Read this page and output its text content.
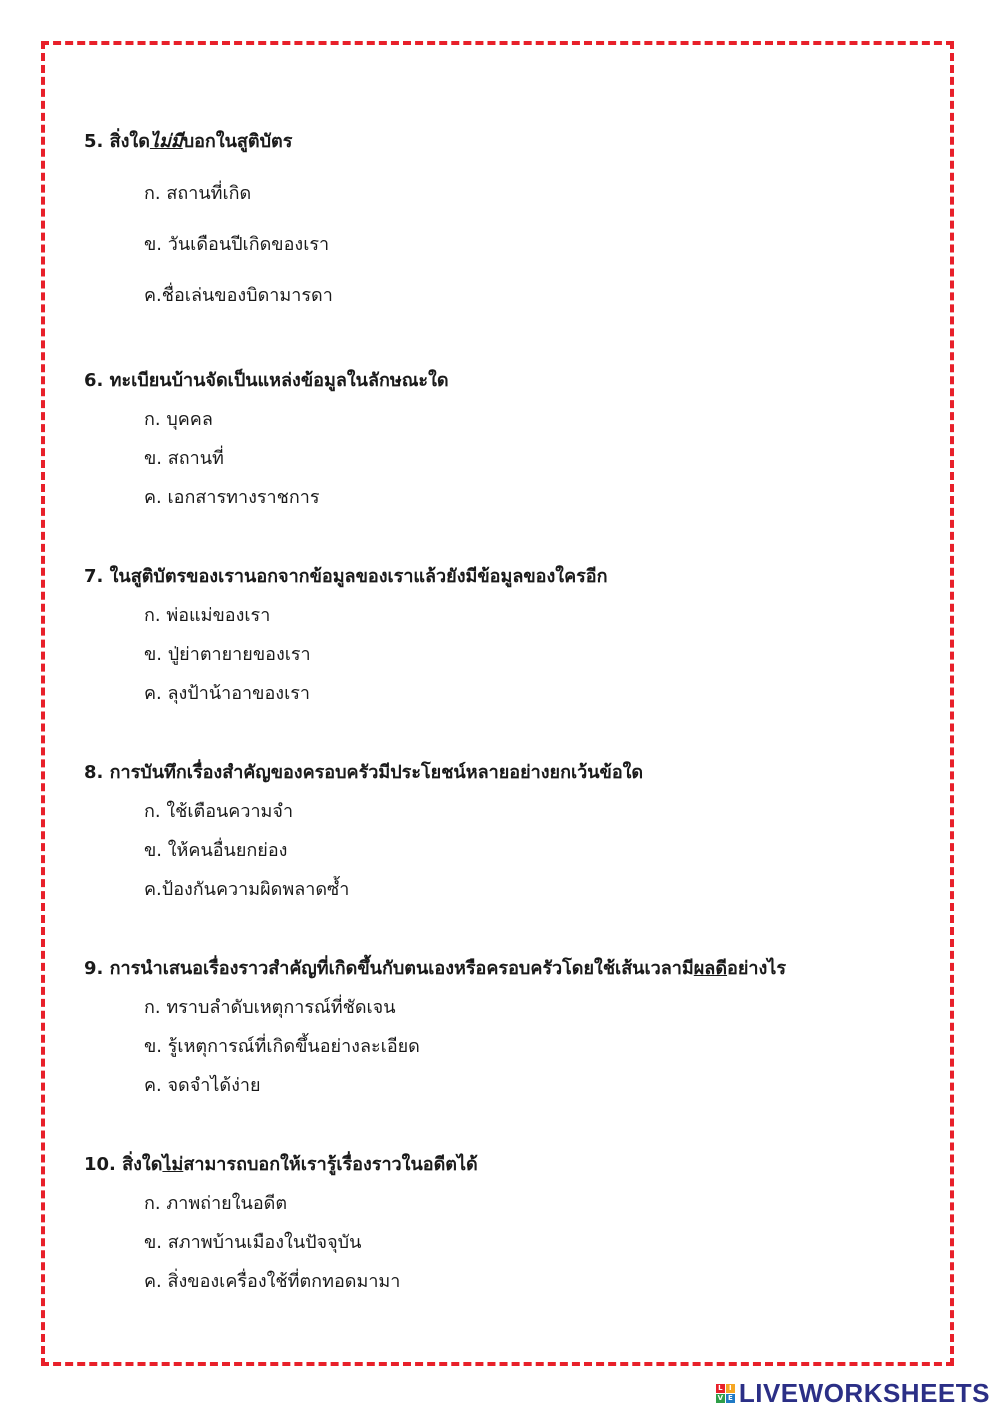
5. สิ่งใดไม่มีบอกในสูติบัตร

ก. สถานที่เกิด
ข. วันเดือนปีเกิดของเรา
ค.ชื่อเล่นของบิดามารดา

6. ทะเบียนบ้านจัดเป็นแหล่งข้อมูลในลักษณะใด

ก. บุคคล
ข. สถานที่
ค. เอกสารทางราชการ

7. ในสูติบัตรของเรานอกจากข้อมูลของเราแล้วยังมีข้อมูลของใครอีก

ก. พ่อแม่ของเรา
ข. ปู่ย่าตายายของเรา
ค. ลุงป้าน้าอาของเรา

8. การบันทึกเรื่องสำคัญของครอบครัวมีประโยชน์หลายอย่างยกเว้นข้อใด

ก. ใช้เตือนความจำ
ข. ให้คนอื่นยกย่อง
ค.ป้องกันความผิดพลาดซ้ำ

9. การนำเสนอเรื่องราวสำคัญที่เกิดขึ้นกับตนเองหรือครอบครัวโดยใช้เส้นเวลามีผลดีอย่างไร

ก. ทราบลำดับเหตุการณ์ที่ชัดเจน
ข. รู้เหตุการณ์ที่เกิดขึ้นอย่างละเอียด
ค. จดจำได้ง่าย

10. สิ่งใดไม่สามารถบอกให้เรารู้เรื่องราวในอดีตได้

ก. ภาพถ่ายในอดีต
ข. สภาพบ้านเมืองในปัจจุบัน
ค. สิ่งของเครื่องใช้ที่ตกทอดมามา
L I
V E LIVEWORKSHEETS
